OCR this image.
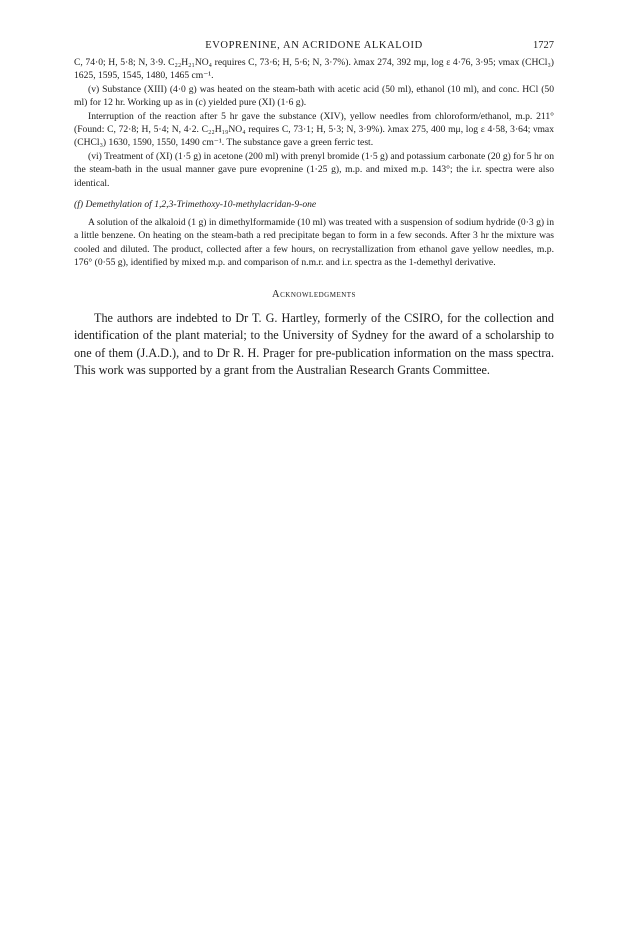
EVOPRENINE, AN ACRIDONE ALKALOID	1727

C, 74·0; H, 5·8; N, 3·9. C₂₂H₂₁NO₄ requires C, 73·6; H, 5·6; N, 3·7%). λmax 274, 392 mμ, log ε 4·76, 3·95; νmax (CHCl₃) 1625, 1595, 1545, 1480, 1465 cm⁻¹.

(v) Substance (XIII) (4·0 g) was heated on the steam-bath with acetic acid (50 ml), ethanol (10 ml), and conc. HCl (50 ml) for 12 hr. Working up as in (c) yielded pure (XI) (1·6 g).

Interruption of the reaction after 5 hr gave the substance (XIV), yellow needles from chloroform/ethanol, m.p. 211° (Found: C, 72·8; H, 5·4; N, 4·2. C₂₂H₁₉NO₄ requires C, 73·1; H, 5·3; N, 3·9%). λmax 275, 400 mμ, log ε 4·58, 3·64; νmax (CHCl₃) 1630, 1590, 1550, 1490 cm⁻¹. The substance gave a green ferric test.

(vi) Treatment of (XI) (1·5 g) in acetone (200 ml) with prenyl bromide (1·5 g) and potassium carbonate (20 g) for 5 hr on the steam-bath in the usual manner gave pure evoprenine (1·25 g), m.p. and mixed m.p. 143°; the i.r. spectra were also identical.

(f) Demethylation of 1,2,3-Trimethoxy-10-methylacridan-9-one

A solution of the alkaloid (1 g) in dimethylformamide (10 ml) was treated with a suspension of sodium hydride (0·3 g) in a little benzene. On heating on the steam-bath a red precipitate began to form in a few seconds. After 3 hr the mixture was cooled and diluted. The product, collected after a few hours, on recrystallization from ethanol gave yellow needles, m.p. 176° (0·55 g), identified by mixed m.p. and comparison of n.m.r. and i.r. spectra as the 1-demethyl derivative.

Acknowledgments

The authors are indebted to Dr T. G. Hartley, formerly of the CSIRO, for the collection and identification of the plant material; to the University of Sydney for the award of a scholarship to one of them (J.A.D.), and to Dr R. H. Prager for pre-publication information on the mass spectra. This work was supported by a grant from the Australian Research Grants Committee.
